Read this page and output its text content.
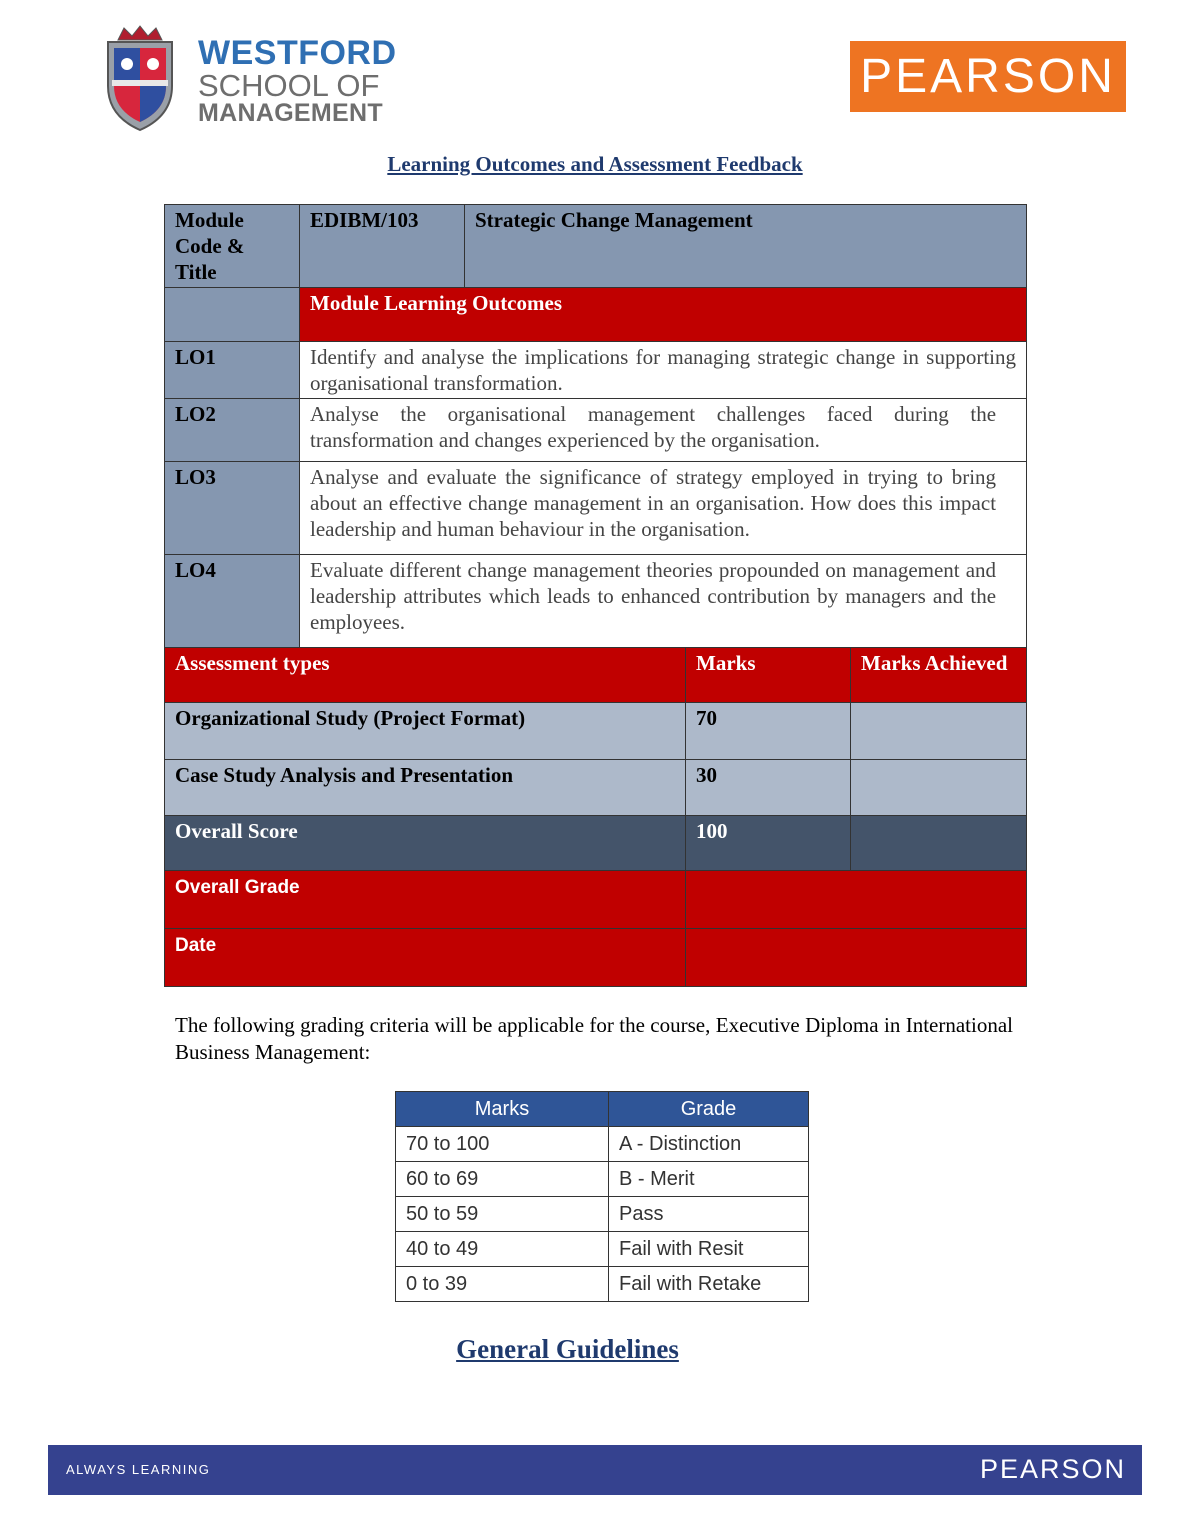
WESTFORD
SCHOOL OF
MANAGEMENT
PEARSON
Learning Outcomes and Assessment Feedback
Module Code & Title	EDIBM/103	Strategic Change Management		
	Module Learning Outcomes			
LO1	Identify and analyse the implications for managing strategic change in supporting organisational transformation.			
LO2	Analyse the organisational management challenges faced during the transformation and changes experienced by the organisation.			
LO3	Analyse and evaluate the significance of strategy employed in trying to bring about an effective change management in an organisation. How does this impact leadership and human behaviour in the organisation.			
LO4	Evaluate different change management theories propounded on management and leadership attributes which leads to enhanced contribution by managers and the employees.			
Assessment types			Marks	Marks Achieved
Organizational Study (Project Format)			70	
Case Study Analysis and Presentation			30	
Overall Score			100	
Overall Grade				
Date				
The following grading criteria will be applicable for the course, Executive Diploma in International Business Management:
Marks	Grade
70 to 100	A - Distinction
60 to 69	B - Merit
50 to 59	Pass
40 to 49	Fail with Resit
0 to 39	Fail with Retake
General Guidelines
ALWAYS LEARNING	PEARSON
